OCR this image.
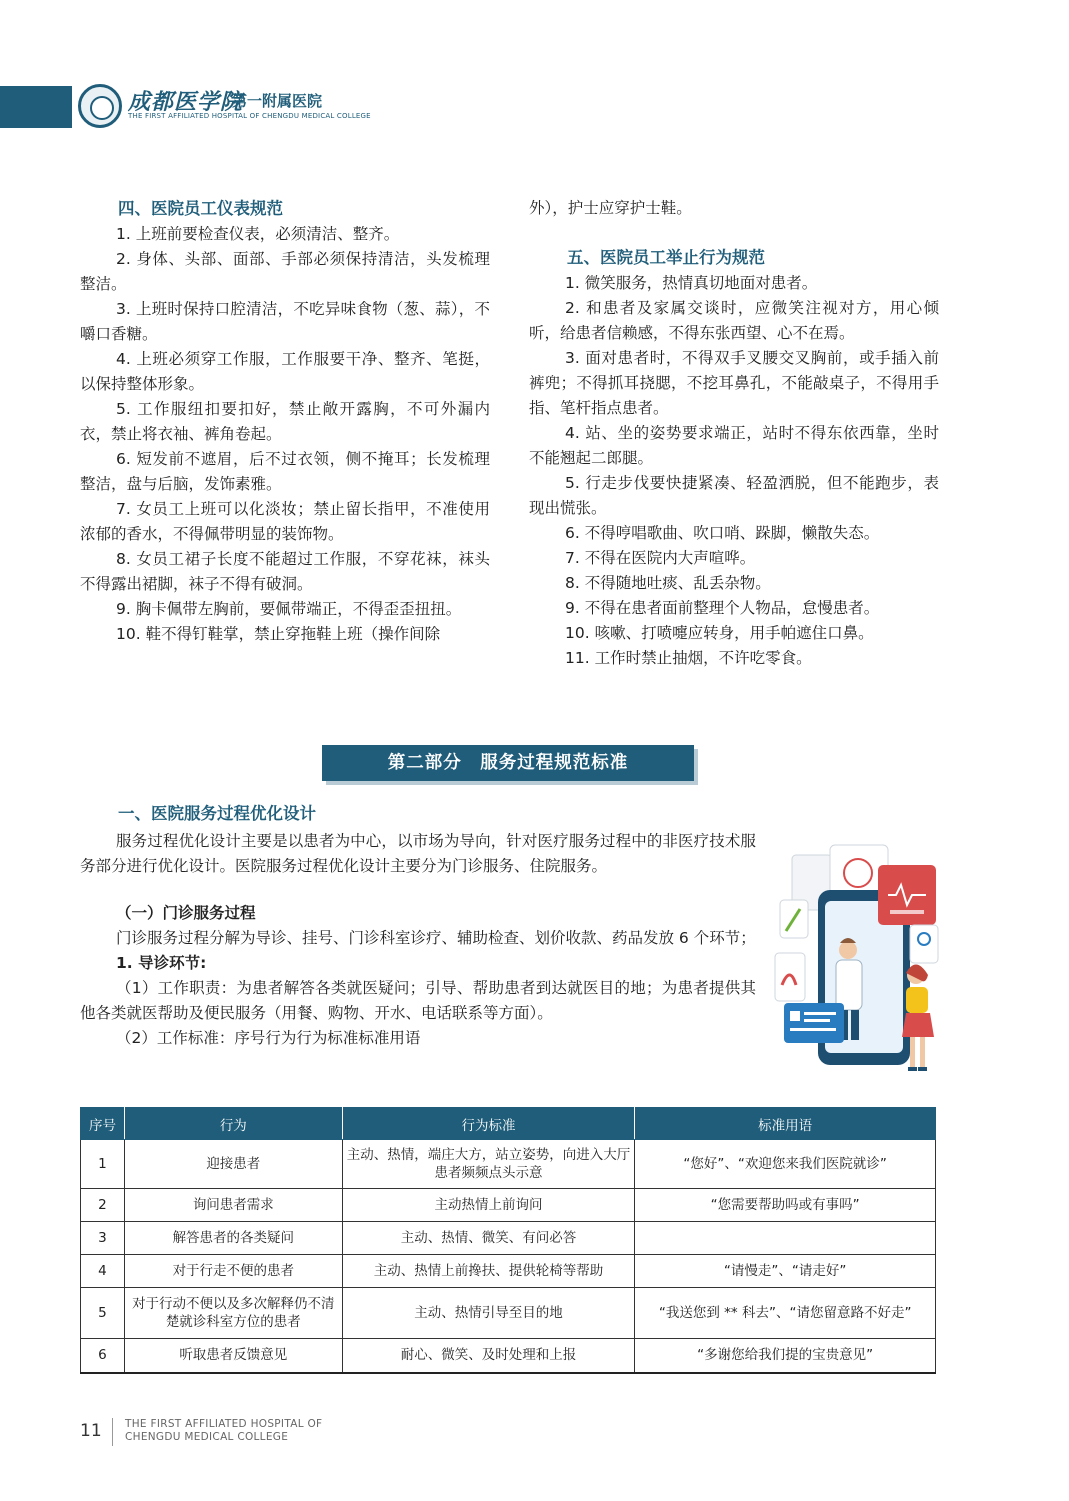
成都医学院
第一附属医院
THE FIRST AFFILIATED HOSPITAL OF CHENGDU MEDICAL COLLEGE
四、医院员工仪表规范
1. 上班前要检查仪表，必须清洁、整齐。
2. 身体、头部、面部、手部必须保持清洁，头发梳理整洁。
3. 上班时保持口腔清洁，不吃异味食物（葱、蒜），不嚼口香糖。
4. 上班必须穿工作服，工作服要干净、整齐、笔挺，以保持整体形象。
5. 工作服纽扣要扣好，禁止敞开露胸，不可外漏内衣，禁止将衣袖、裤角卷起。
6. 短发前不遮眉，后不过衣领，侧不掩耳；长发梳理整洁，盘与后脑，发饰素雅。
7. 女员工上班可以化淡妆；禁止留长指甲，不准使用浓郁的香水，不得佩带明显的装饰物。
8. 女员工裙子长度不能超过工作服，不穿花袜，袜头不得露出裙脚，袜子不得有破洞。
9. 胸卡佩带左胸前，要佩带端正，不得歪歪扭扭。
10. 鞋不得钉鞋掌，禁止穿拖鞋上班（操作间除
外），护士应穿护士鞋。
五、医院员工举止行为规范
1. 微笑服务，热情真切地面对患者。
2. 和患者及家属交谈时，应微笑注视对方，用心倾听，给患者信赖感，不得东张西望、心不在焉。
3. 面对患者时，不得双手叉腰交叉胸前，或手插入前裤兜；不得抓耳挠腮，不挖耳鼻孔，不能敲桌子，不得用手指、笔杆指点患者。
4. 站、坐的姿势要求端正，站时不得东依西靠，坐时不能翘起二郎腿。
5. 行走步伐要快捷紧凑、轻盈洒脱，但不能跑步，表现出慌张。
6. 不得哼唱歌曲、吹口哨、跺脚，懒散失态。
7. 不得在医院内大声喧哗。
8. 不得随地吐痰、乱丢杂物。
9. 不得在患者面前整理个人物品，怠慢患者。
10. 咳嗽、打喷嚏应转身，用手帕遮住口鼻。
11. 工作时禁止抽烟，不许吃零食。
第二部分　服务过程规范标准
一、医院服务过程优化设计
服务过程优化设计主要是以患者为中心，以市场为导向，针对医疗服务过程中的非医疗技术服务部分进行优化设计。医院服务过程优化设计主要分为门诊服务、住院服务。
（一）门诊服务过程
门诊服务过程分解为导诊、挂号、门诊科室诊疗、辅助检查、划价收款、药品发放 6 个环节；
1. 导诊环节:
（1）工作职责：为患者解答各类就医疑问；引导、帮助患者到达就医目的地；为患者提供其他各类就医帮助及便民服务（用餐、购物、开水、电话联系等方面）。
（2）工作标准：序号行为行为标准标准用语
序号	行为	行为标准	标准用语
1	迎接患者	主动、热情，端庄大方，站立姿势，向进入大厅患者频频点头示意	“您好”、“欢迎您来我们医院就诊”
2	询问患者需求	主动热情上前询问	“您需要帮助吗或有事吗”
3	解答患者的各类疑问	主动、热情、微笑、有问必答	
4	对于行走不便的患者	主动、热情上前搀扶、提供轮椅等帮助	“请慢走”、“请走好”
5	对于行动不便以及多次解释仍不清楚就诊科室方位的患者	主动、热情引导至目的地	“我送您到 ** 科去”、“请您留意路不好走”
6	听取患者反馈意见	耐心、微笑、及时处理和上报	“多谢您给我们提的宝贵意见”
11 THE FIRST AFFILIATED HOSPITAL OF
CHENGDU MEDICAL COLLEGE
